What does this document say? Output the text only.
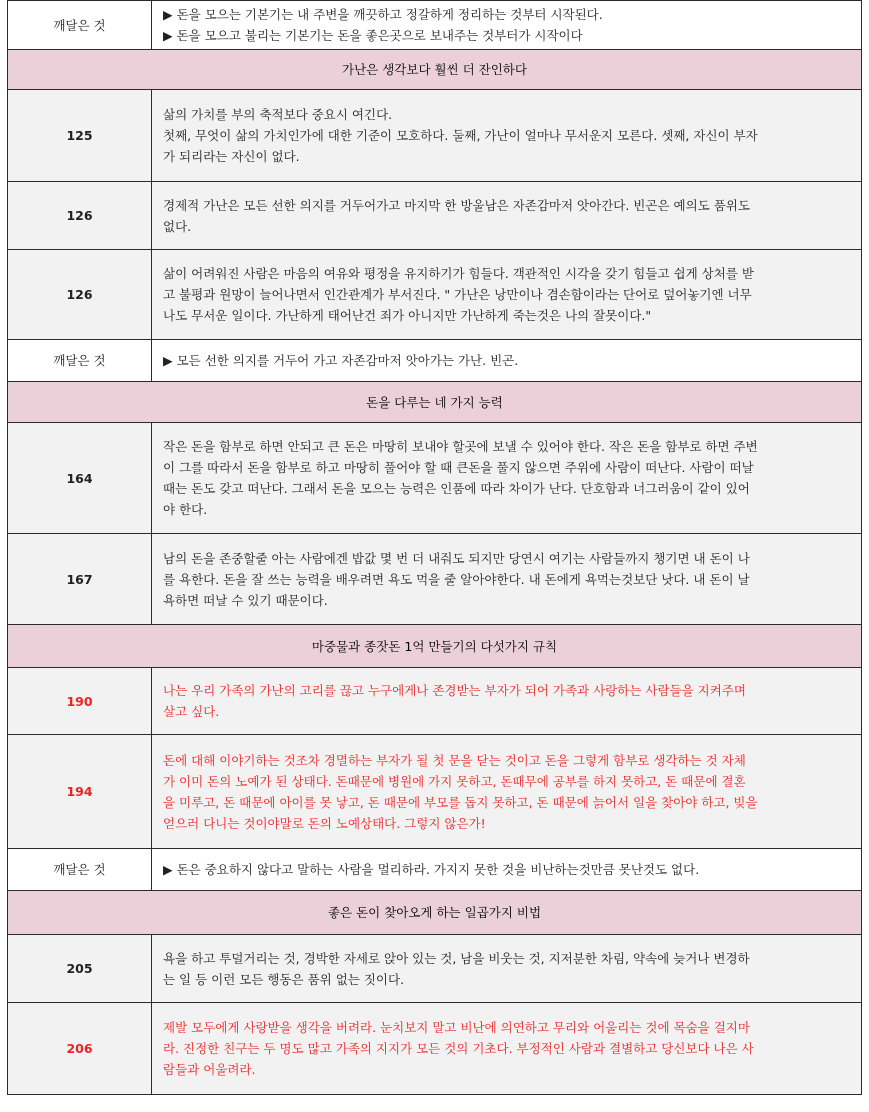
깨달은 것	▶ 돈을 모으는 기본기는 내 주변을 깨끗하고 정갈하게 정리하는 것부터 시작된다.
▶ 돈을 모으고 불리는 기본기는 돈을 좋은곳으로 보내주는 것부터가 시작이다

가난은 생각보다 훨씬 더 잔인하다	
125	삶의 가치를 부의 축적보다 중요시 여긴다.
첫째, 무엇이 삶의 가치인가에 대한 기준이 모호하다. 둘째, 가난이 얼마나 무서운지 모른다. 셋째, 자신이 부자
가 되리라는 자신이 없다.

126	경제적 가난은 모든 선한 의지를 거두어가고 마지막 한 방울남은 자존감마저 앗아간다. 빈곤은 예의도 품위도
없다.

126	삶이 어려워진 사람은 마음의 여유와 평정을 유지하기가 힘들다. 객관적인 시각을 갖기 힘들고 쉽게 상처를 받
고 불평과 원망이 늘어나면서 인간관계가 부서진다. " 가난은 낭만이나 겸손함이라는 단어로 덮어놓기엔 너무
나도 무서운 일이다. 가난하게 태어난건 죄가 아니지만 가난하게 죽는것은 나의 잘못이다."

깨달은 것	▶ 모든 선한 의지를 거두어 가고 자존감마저 앗아가는 가난. 빈곤.

돈을 다루는 네 가지 능력	
164	작은 돈을 함부로 하면 안되고 큰 돈은 마땅히 보내야 할곳에 보낼 수 있어야 한다. 작은 돈을 함부로 하면 주변
이 그를 따라서 돈을 함부로 하고 마땅히 풀어야 할 때 큰돈을 풀지 않으면 주위에 사람이 떠난다. 사람이 떠날
때는 돈도 갖고 떠난다. 그래서 돈을 모으는 능력은 인품에 따라 차이가 난다. 단호함과 너그러움이 같이 있어
야 한다.

167	남의 돈을 존중할줄 아는 사람에겐 밥값 몇 번 더 내줘도 되지만 당연시 여기는 사람들까지 챙기면 내 돈이 나
를 욕한다. 돈을 잘 쓰는 능력을 배우려면 욕도 먹을 줄 알아야한다. 내 돈에게 욕먹는것보단 낫다. 내 돈이 날
욕하면 떠날 수 있기 때문이다.

마중물과 종잣돈 1억 만들기의 다섯가지 규칙	
190	나는 우리 가족의 가난의 고리를 끊고 누구에게나 존경받는 부자가 되어 가족과 사랑하는 사람들을 지켜주며
살고 싶다.

194	돈에 대해 이야기하는 것조차 경멸하는 부자가 될 첫 문을 닫는 것이고 돈을 그렇게 함부로 생각하는 것 자체
가 이미 돈의 노예가 된 상태다. 돈때문에 병원에 가지 못하고, 돈때무에 공부를 하지 못하고, 돈 때문에 결혼
을 미루고, 돈 때문에 아이를 못 낳고, 돈 때문에 부모를 돕지 못하고, 돈 때문에 늙어서 일을 찾아야 하고, 빚을
얻으러 다니는 것이야말로 돈의 노예상태다. 그렇지 않은가!

깨달은 것	▶ 돈은 중요하지 않다고 말하는 사람을 멀리하라. 가지지 못한 것을 비난하는것만큼 못난것도 없다.

좋은 돈이 찾아오게 하는 일곱가지 비법	
205	욕을 하고 투덜거리는 것, 경박한 자세로 앉아 있는 것, 남을 비웃는 것, 지저분한 차림, 약속에 늦거나 변경하
는 일 등 이런 모든 행동은 품위 없는 짓이다.

206	제발 모두에게 사랑받을 생각을 버려라. 눈치보지 말고 비난에 의연하고 무리와 어울리는 것에 목숨을 걸지마
라. 진정한 친구는 두 명도 많고 가족의 지지가 모든 것의 기초다. 부정적인 사람과 결별하고 당신보다 나은 사
람들과 어울려라.
